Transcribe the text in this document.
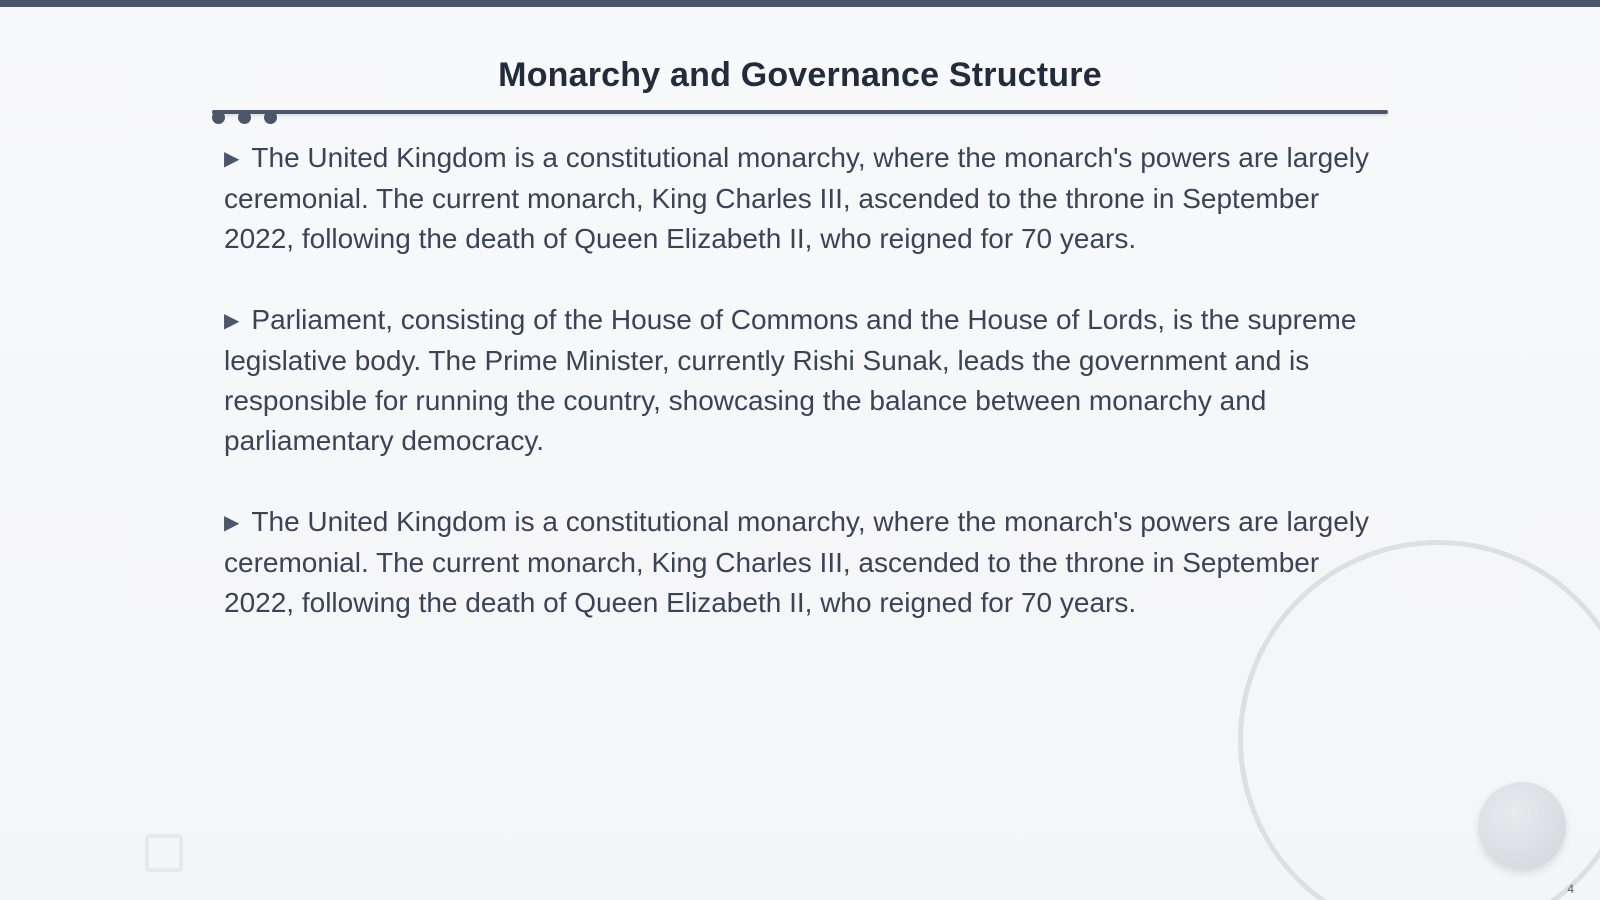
Monarchy and Governance Structure

▶ The United Kingdom is a constitutional monarchy, where the monarch's powers are largely ceremonial. The current monarch, King Charles III, ascended to the throne in September 2022, following the death of Queen Elizabeth II, who reigned for 70 years.

▶ Parliament, consisting of the House of Commons and the House of Lords, is the supreme legislative body. The Prime Minister, currently Rishi Sunak, leads the government and is responsible for running the country, showcasing the balance between monarchy and parliamentary democracy.

▶ The United Kingdom is a constitutional monarchy, where the monarch's powers are largely ceremonial. The current monarch, King Charles III, ascended to the throne in September 2022, following the death of Queen Elizabeth II, who reigned for 70 years.

4
